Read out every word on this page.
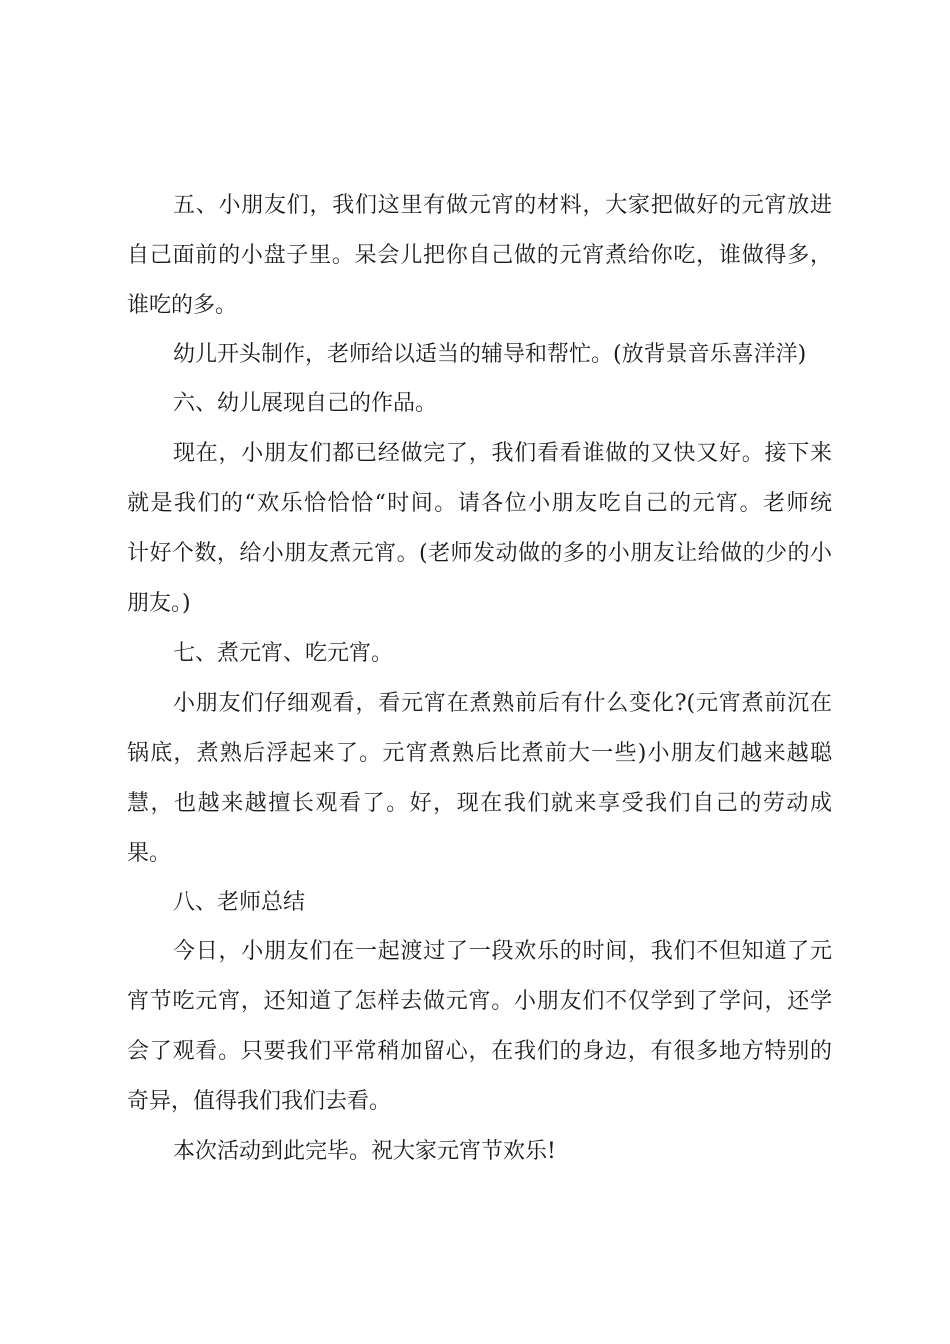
五、小朋友们，我们这里有做元宵的材料，大家把做好的元宵放进
自己面前的小盘子里。呆会儿把你自己做的元宵煮给你吃，谁做得多，
谁吃的多。
幼儿开头制作，老师给以适当的辅导和帮忙。(放背景音乐喜洋洋)
六、幼儿展现自己的作品。
现在，小朋友们都已经做完了，我们看看谁做的又快又好。接下来
就是我们的“欢乐恰恰恰“时间。请各位小朋友吃自己的元宵。老师统
计好个数，给小朋友煮元宵。(老师发动做的多的小朋友让给做的少的小
朋友。)
七、煮元宵、吃元宵。
小朋友们仔细观看，看元宵在煮熟前后有什么变化?(元宵煮前沉在
锅底，煮熟后浮起来了。元宵煮熟后比煮前大一些)小朋友们越来越聪
慧，也越来越擅长观看了。好，现在我们就来享受我们自己的劳动成
果。
八、老师总结
今日，小朋友们在一起渡过了一段欢乐的时间，我们不但知道了元
宵节吃元宵，还知道了怎样去做元宵。小朋友们不仅学到了学问，还学
会了观看。只要我们平常稍加留心，在我们的身边，有很多地方特别的
奇异，值得我们我们去看。
本次活动到此完毕。祝大家元宵节欢乐!
